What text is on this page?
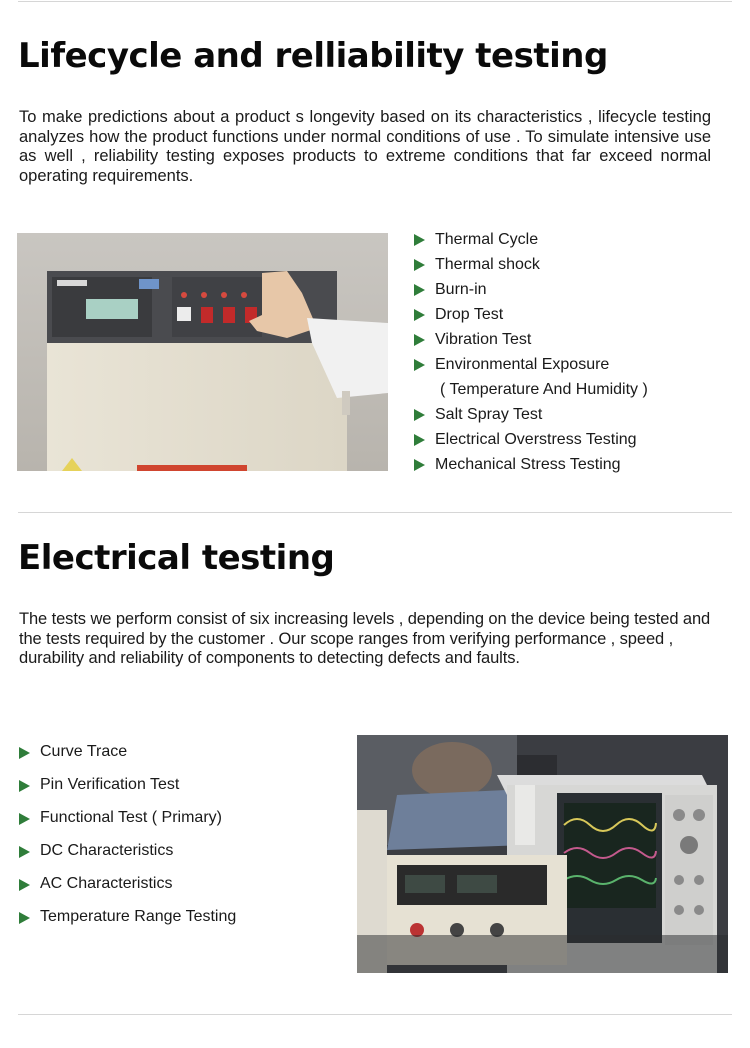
Lifecycle and relliability testing

To make predictions about a product s longevity based on its characteristics , lifecycle testing analyzes how the product functions under normal conditions of use . To simulate intensive use as well , reliability testing exposes products to extreme conditions that far exceed normal operating requirements.

Thermal Cycle
Thermal shock
Burn-in
Drop Test
Vibration Test
Environmental Exposure
( Temperature And Humidity )
Salt Spray Test
Electrical Overstress Testing
Mechanical Stress Testing
Electrical testing

The tests we perform consist of six increasing levels , depending on the device being tested and the tests required by the customer . Our scope ranges from verifying performance , speed , durability and reliability of components to detecting defects and faults.

Curve Trace
Pin Verification Test
Functional Test ( Primary)
DC Characteristics
AC Characteristics
Temperature Range Testing
